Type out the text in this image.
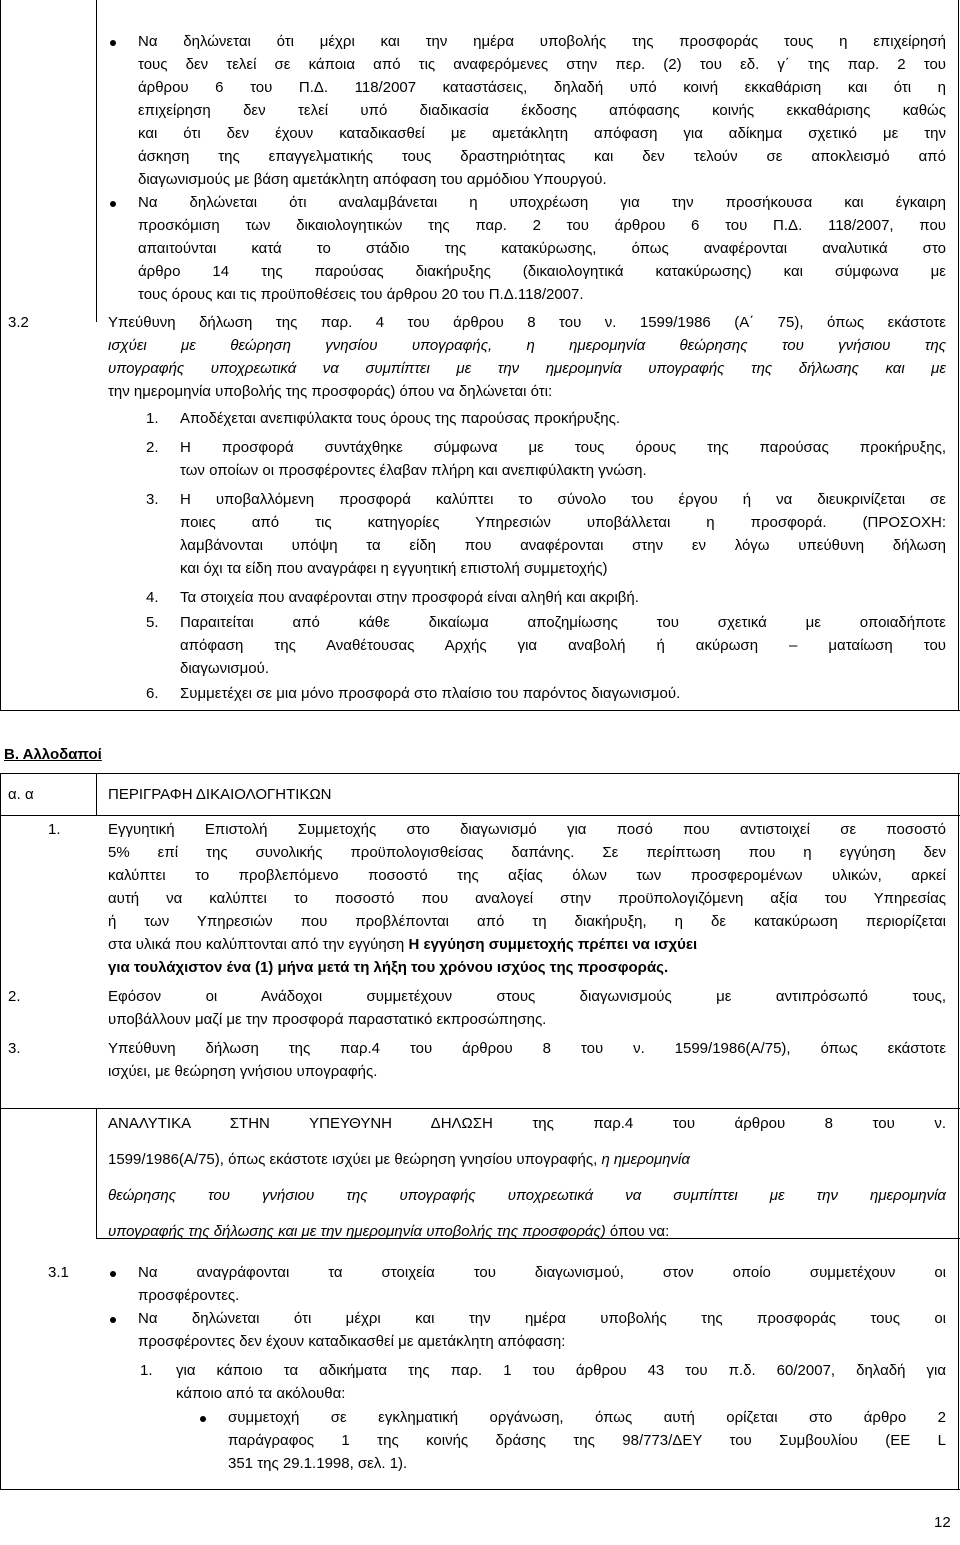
Να δηλώνεται ότι μέχρι και την ημέρα υποβολής της προσφοράς τους η επιχείρησή
τους δεν τελεί σε κάποια από τις αναφερόμενες στην περ. (2) του εδ. γ΄ της παρ. 2 του
άρθρου 6 του Π.Δ. 118/2007 καταστάσεις, δηλαδή υπό κοινή εκκαθάριση και ότι η
επιχείρηση δεν τελεί υπό διαδικασία έκδοσης απόφασης κοινής εκκαθάρισης καθώς
και ότι δεν έχουν καταδικασθεί με αμετάκλητη απόφαση για αδίκημα σχετικό με την
άσκηση της επαγγελματικής τους δραστηριότητας και δεν τελούν σε αποκλεισμό από
διαγωνισμούς με βάση αμετάκλητη απόφαση του αρμόδιου Υπουργού.
Να δηλώνεται ότι αναλαμβάνεται η υποχρέωση για την προσήκουσα και έγκαιρη
προσκόμιση των δικαιολογητικών της παρ. 2 του άρθρου 6 του Π.Δ. 118/2007, που
απαιτούνται κατά το στάδιο της κατακύρωσης, όπως αναφέρονται αναλυτικά στο
άρθρο 14 της παρούσας διακήρυξης (δικαιολογητικά κατακύρωσης) και σύμφωνα με
τους όρους και τις προϋποθέσεις του άρθρου 20 του Π.Δ.118/2007.
3.2	Υπεύθυνη δήλωση της παρ. 4 του άρθρου 8 του ν. 1599/1986 (Α΄ 75), όπως εκάστοτε
ισχύει με θεώρηση γνησίου υπογραφής, η ημερομηνία θεώρησης του γνήσιου της
υπογραφής υποχρεωτικά να συμπίπτει με την ημερομηνία υπογραφής της δήλωσης και με
την ημερομηνία υποβολής της προσφοράς) όπου να δηλώνεται ότι:
1. Αποδέχεται ανεπιφύλακτα τους όρους της παρούσας προκήρυξης.
2. Η προσφορά συντάχθηκε σύμφωνα με τους όρους της παρούσας προκήρυξης,
των οποίων οι προσφέροντες έλαβαν πλήρη και ανεπιφύλακτη γνώση.
3. Η υποβαλλόμενη προσφορά καλύπτει το σύνολο του έργου ή να διευκρινίζεται σε
ποιες από τις κατηγορίες Υπηρεσιών υποβάλλεται η προσφορά. (ΠΡΟΣΟΧΗ:
λαμβάνονται υπόψη τα είδη που αναφέρονται στην εν λόγω υπεύθυνη δήλωση
και όχι τα είδη που αναγράφει η εγγυητική επιστολή συμμετοχής)
4. Τα στοιχεία που αναφέρονται στην προσφορά είναι αληθή και ακριβή.
5. Παραιτείται από κάθε δικαίωμα αποζημίωσης του σχετικά με οποιαδήποτε
απόφαση της Αναθέτουσας Αρχής για αναβολή ή ακύρωση – ματαίωση του
διαγωνισμού.
6. Συμμετέχει σε μια μόνο προσφορά στο πλαίσιο του παρόντος διαγωνισμού.
Β. Αλλοδαποί
α. α	ΠΕΡΙΓΡΑΦΗ ΔΙΚΑΙΟΛΟΓΗΤΙΚΩΝ
1.	Εγγυητική Επιστολή Συμμετοχής στο διαγωνισμό για ποσό που αντιστοιχεί σε ποσοστό
5% επί της συνολικής προϋπολογισθείσας δαπάνης. Σε περίπτωση που η εγγύηση δεν
καλύπτει το προβλεπόμενο ποσοστό της αξίας όλων των προσφερομένων υλικών, αρκεί
αυτή να καλύπτει το ποσοστό που αναλογεί στην προϋπολογιζόμενη αξία του Υπηρεσίας
ή των Υπηρεσιών που προβλέπονται από τη διακήρυξη, η δε κατακύρωση περιορίζεται
στα υλικά που καλύπτονται από την εγγύηση Η εγγύηση συμμετοχής πρέπει να ισχύει
για τουλάχιστον ένα (1) μήνα μετά τη λήξη του χρόνου ισχύος της προσφοράς.
2.	Εφόσον οι Ανάδοχοι συμμετέχουν στους διαγωνισμούς με αντιπρόσωπό τους,
υποβάλλουν μαζί με την προσφορά παραστατικό εκπροσώπησης.
3.	Υπεύθυνη δήλωση της παρ.4 του άρθρου 8 του ν. 1599/1986(Α/75), όπως εκάστοτε
ισχύει, με θεώρηση γνήσιου υπογραφής.
ΑΝΑΛΥΤΙΚΑ ΣΤΗΝ ΥΠΕΥΘΥΝΗ ΔΗΛΩΣΗ της παρ.4 του άρθρου 8 του ν.
1599/1986(Α/75), όπως εκάστοτε ισχύει με θεώρηση γνησίου υπογραφής, η ημερομηνία
θεώρησης του γνήσιου της υπογραφής υποχρεωτικά να συμπίπτει με την ημερομηνία
υπογραφής της δήλωσης και με την ημερομηνία υποβολής της προσφοράς) όπου να:
3.1	Να αναγράφονται τα στοιχεία του διαγωνισμού, στον οποίο συμμετέχουν οι
προσφέροντες.
Να δηλώνεται ότι μέχρι και την ημέρα υποβολής της προσφοράς τους οι
προσφέροντες δεν έχουν καταδικασθεί με αμετάκλητη απόφαση:
1. για κάποιο τα αδικήματα της παρ. 1 του άρθρου 43 του π.δ. 60/2007, δηλαδή για
κάποιο από τα ακόλουθα:
συμμετοχή σε εγκληματική οργάνωση, όπως αυτή ορίζεται στο άρθρο 2
παράγραφος 1 της κοινής δράσης της 98/773/ΔΕΥ του Συμβουλίου (ΕΕ L
351 της 29.1.1998, σελ. 1).
12
